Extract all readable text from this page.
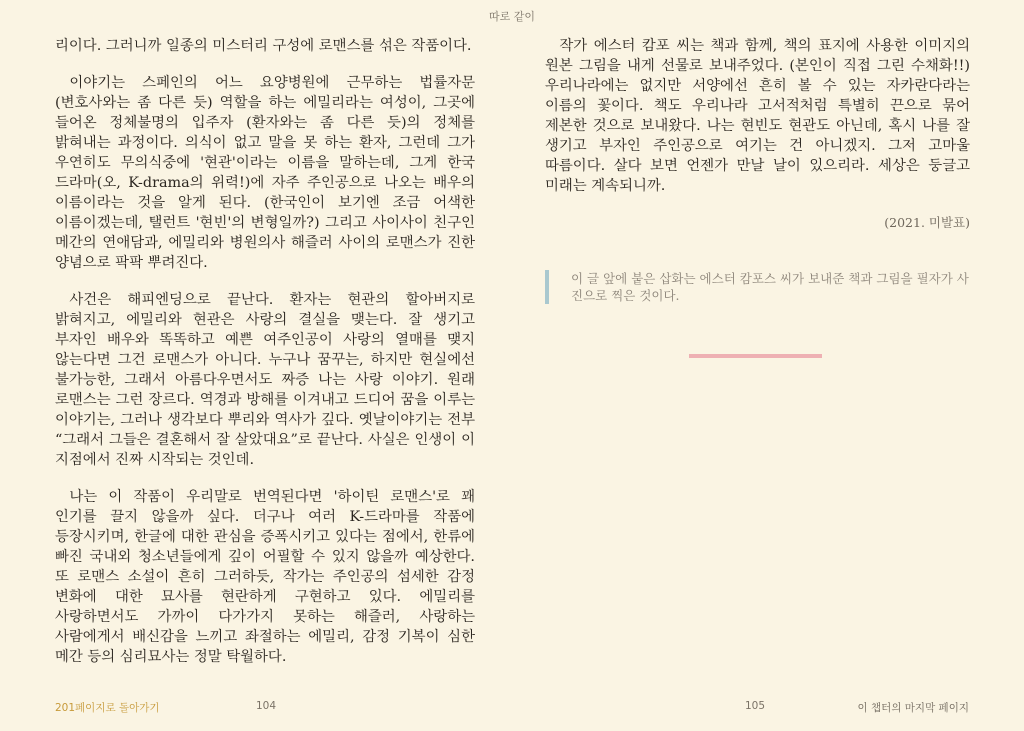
따로 같이

리이다. 그러니까 일종의 미스터리 구성에 로맨스를 섞은 작품이다.

이야기는 스페인의 어느 요양병원에 근무하는 법률자문 (변호사와는 좀 다른 듯) 역할을 하는 에밀리라는 여성이, 그곳에 들어온 정체불명의 입주자 (환자와는 좀 다른 듯)의 정체를 밝혀내는 과정이다. 의식이 없고 말을 못 하는 환자, 그런데 그가 우연히도 무의식중에 '현관'이라는 이름을 말하는데, 그게 한국 드라마(오, K-drama의 위력!)에 자주 주인공으로 나오는 배우의 이름이라는 것을 알게 된다. (한국인이 보기엔 조금 어색한 이름이겠는데, 탤런트 '현빈'의 변형일까?) 그리고 사이사이 친구인 메간의 연애담과, 에밀리와 병원의사 해즐러 사이의 로맨스가 진한 양념으로 팍팍 뿌려진다.

사건은 해피엔딩으로 끝난다. 환자는 현관의 할아버지로 밝혀지고, 에밀리와 현관은 사랑의 결실을 맺는다. 잘 생기고 부자인 배우와 똑똑하고 예쁜 여주인공이 사랑의 열매를 맺지 않는다면 그건 로맨스가 아니다. 누구나 꿈꾸는, 하지만 현실에선 불가능한, 그래서 아름다우면서도 짜증 나는 사랑 이야기. 원래 로맨스는 그런 장르다. 역경과 방해를 이겨내고 드디어 꿈을 이루는 이야기는, 그러나 생각보다 뿌리와 역사가 깊다. 옛날이야기는 전부 “그래서 그들은 결혼해서 잘 살았대요”로 끝난다. 사실은 인생이 이 지점에서 진짜 시작되는 것인데.

나는 이 작품이 우리말로 번역된다면 '하이틴 로맨스'로 꽤 인기를 끌지 않을까 싶다. 더구나 여러 K-드라마를 작품에 등장시키며, 한글에 대한 관심을 증폭시키고 있다는 점에서, 한류에 빠진 국내외 청소년들에게 깊이 어필할 수 있지 않을까 예상한다. 또 로맨스 소설이 흔히 그러하듯, 작가는 주인공의 섬세한 감정 변화에 대한 묘사를 현란하게 구현하고 있다. 에밀리를 사랑하면서도 가까이 다가가지 못하는 해즐러, 사랑하는 사람에게서 배신감을 느끼고 좌절하는 에밀리, 감정 기복이 심한 메간 등의 심리묘사는 정말 탁월하다.

작가 에스터 캄포 씨는 책과 함께, 책의 표지에 사용한 이미지의 원본 그림을 내게 선물로 보내주었다. (본인이 직접 그린 수채화!!) 우리나라에는 없지만 서양에선 흔히 볼 수 있는 자카란다라는 이름의 꽃이다. 책도 우리나라 고서적처럼 특별히 끈으로 묶어 제본한 것으로 보내왔다. 나는 현빈도 현관도 아닌데, 혹시 나를 잘 생기고 부자인 주인공으로 여기는 건 아니겠지. 그저 고마울 따름이다. 살다 보면 언젠가 만날 날이 있으리라. 세상은 둥글고 미래는 계속되니까.

(2021. 미발표)
이 글 앞에 붙은 삽화는 에스터 캄포스 씨가 보내준 책과 그림을 필자가 사진으로 찍은 것이다.
201페이지로 돌아가기	104	105	이 챕터의 마지막 페이지
